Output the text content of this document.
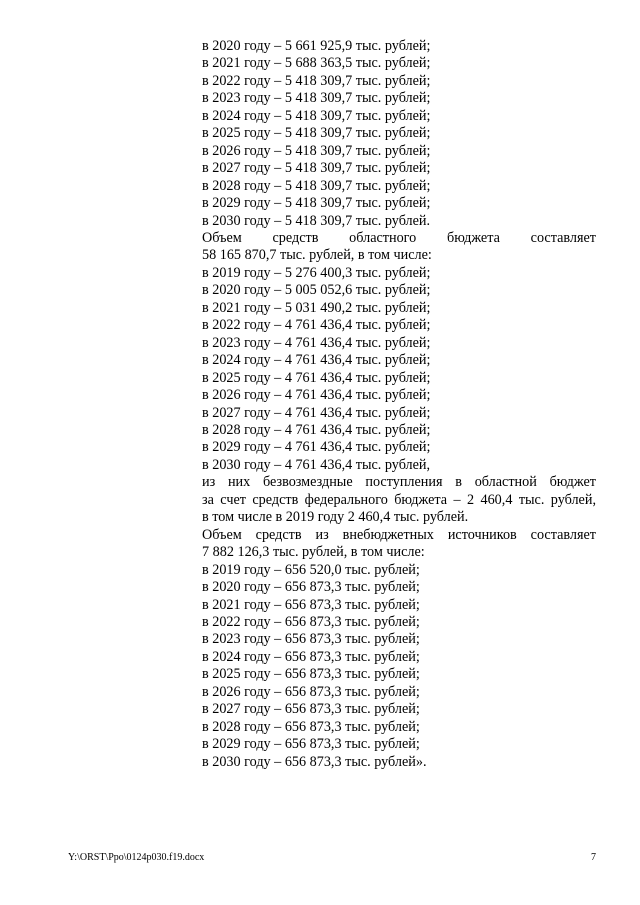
в 2020 году – 5 661 925,9 тыс. рублей;
в 2021 году – 5 688 363,5 тыс. рублей;
в 2022 году – 5 418 309,7 тыс. рублей;
в 2023 году – 5 418 309,7 тыс. рублей;
в 2024 году – 5 418 309,7 тыс. рублей;
в 2025 году – 5 418 309,7 тыс. рублей;
в 2026 году – 5 418 309,7 тыс. рублей;
в 2027 году – 5 418 309,7 тыс. рублей;
в 2028 году – 5 418 309,7 тыс. рублей;
в 2029 году – 5 418 309,7 тыс. рублей;
в 2030 году – 5 418 309,7 тыс. рублей.
Объем средств областного бюджета составляет
58 165 870,7 тыс. рублей, в том числе:
в 2019 году – 5 276 400,3 тыс. рублей;
в 2020 году – 5 005 052,6 тыс. рублей;
в 2021 году – 5 031 490,2 тыс. рублей;
в 2022 году – 4 761 436,4 тыс. рублей;
в 2023 году – 4 761 436,4 тыс. рублей;
в 2024 году – 4 761 436,4 тыс. рублей;
в 2025 году – 4 761 436,4 тыс. рублей;
в 2026 году – 4 761 436,4 тыс. рублей;
в 2027 году – 4 761 436,4 тыс. рублей;
в 2028 году – 4 761 436,4 тыс. рублей;
в 2029 году – 4 761 436,4 тыс. рублей;
в 2030 году – 4 761 436,4 тыс. рублей,
из них безвозмездные поступления в областной бюджет
за счет средств федерального бюджета – 2 460,4 тыс. рублей,
в том числе в 2019 году 2 460,4 тыс. рублей.
Объем средств из внебюджетных источников составляет
7 882 126,3 тыс. рублей, в том числе:
в 2019 году – 656 520,0 тыс. рублей;
в 2020 году – 656 873,3 тыс. рублей;
в 2021 году – 656 873,3 тыс. рублей;
в 2022 году – 656 873,3 тыс. рублей;
в 2023 году – 656 873,3 тыс. рублей;
в 2024 году – 656 873,3 тыс. рублей;
в 2025 году – 656 873,3 тыс. рублей;
в 2026 году – 656 873,3 тыс. рублей;
в 2027 году – 656 873,3 тыс. рублей;
в 2028 году – 656 873,3 тыс. рублей;
в 2029 году – 656 873,3 тыс. рублей;
в 2030 году – 656 873,3 тыс. рублей».
Y:\ORST\Ppo\0124p030.f19.docx	7
